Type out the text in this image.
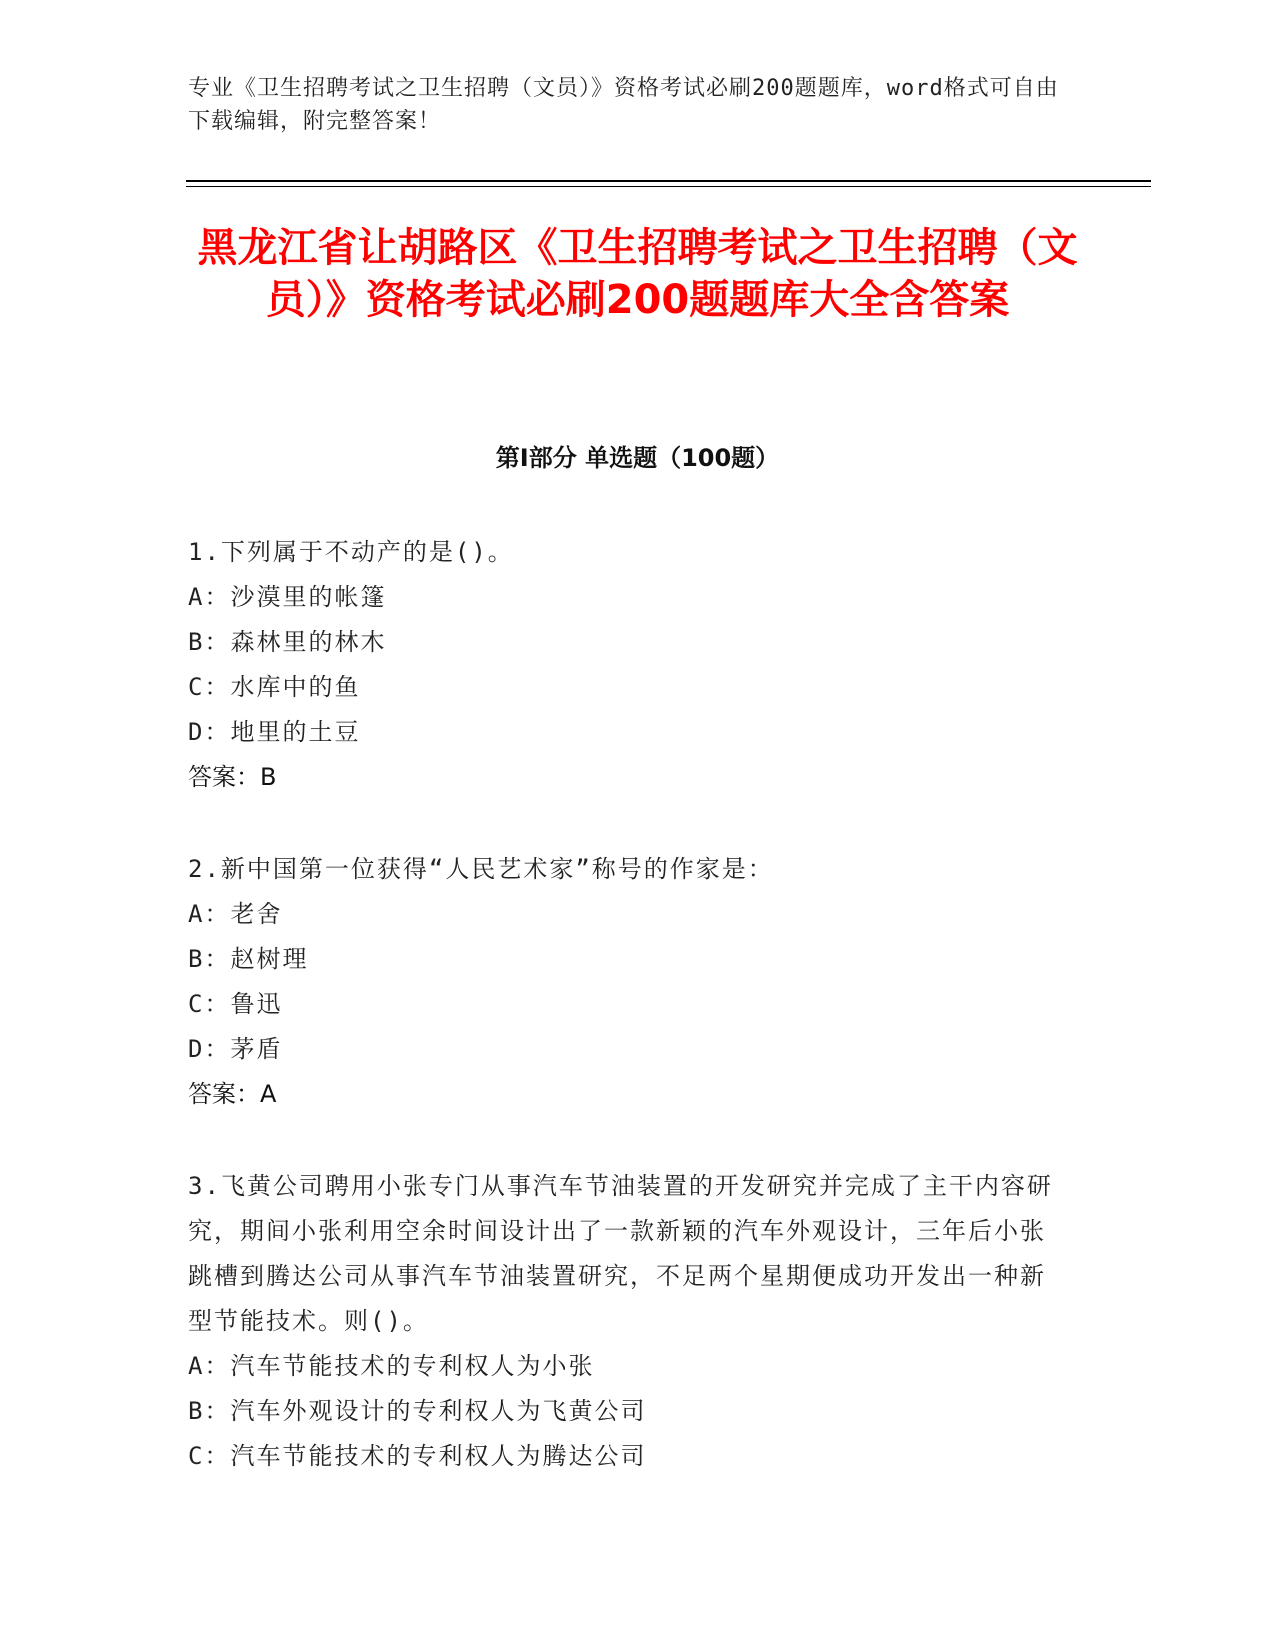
专业《卫生招聘考试之卫生招聘（文员）》资格考试必刷200题题库，word格式可自由下载编辑，附完整答案！
黑龙江省让胡路区《卫生招聘考试之卫生招聘（文员）》资格考试必刷200题题库大全含答案
第Ⅰ部分 单选题（100题）
1.下列属于不动产的是()。
A：沙漠里的帐篷
B：森林里的林木
C：水库中的鱼
D：地里的土豆
答案：B
2.新中国第一位获得“人民艺术家”称号的作家是：
A：老舍
B：赵树理
C：鲁迅
D：茅盾
答案：A
3.飞黄公司聘用小张专门从事汽车节油装置的开发研究并完成了主干内容研究，期间小张利用空余时间设计出了一款新颖的汽车外观设计，三年后小张跳槽到腾达公司从事汽车节油装置研究，不足两个星期便成功开发出一种新型节能技术。则()。
A：汽车节能技术的专利权人为小张
B：汽车外观设计的专利权人为飞黄公司
C：汽车节能技术的专利权人为腾达公司
